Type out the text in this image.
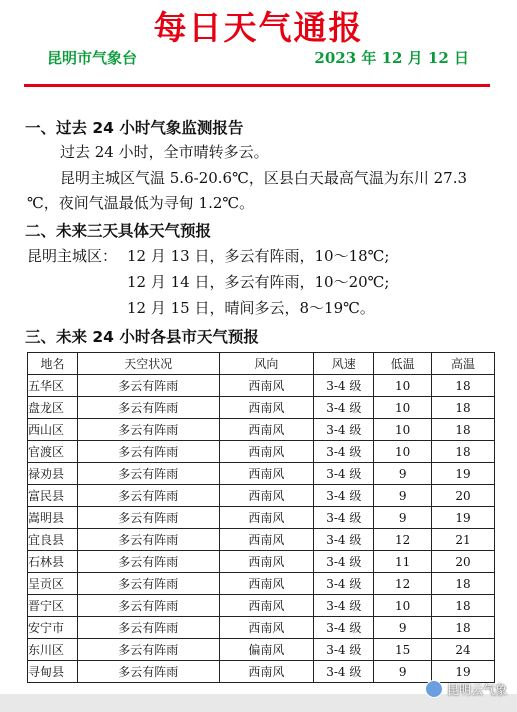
每日天气通报
昆明市气象台	2023 年 12 月 12 日
一、过去 24 小时气象监测报告
过去 24 小时，全市晴转多云。
昆明主城区气温 5.6-20.6℃，区县白天最高气温为东川 27.3
℃，夜间气温最低为寻甸 1.2℃。
二、未来三天具体天气预报
昆明主城区： 12 月 13 日，多云有阵雨，10～18℃;
12 月 14 日，多云有阵雨，10～20℃;
12 月 15 日，晴间多云，8～19℃。
三、未来 24 小时各县市天气预报
地名	天空状况	风向	风速	低温	高温
五华区	多云有阵雨	西南风	3-4 级	10	18
盘龙区	多云有阵雨	西南风	3-4 级	10	18
西山区	多云有阵雨	西南风	3-4 级	10	18
官渡区	多云有阵雨	西南风	3-4 级	10	18
禄劝县	多云有阵雨	西南风	3-4 级	9	19
富民县	多云有阵雨	西南风	3-4 级	9	20
嵩明县	多云有阵雨	西南风	3-4 级	9	19
宜良县	多云有阵雨	西南风	3-4 级	12	21
石林县	多云有阵雨	西南风	3-4 级	11	20
呈贡区	多云有阵雨	西南风	3-4 级	12	18
晋宁区	多云有阵雨	西南风	3-4 级	10	18
安宁市	多云有阵雨	西南风	3-4 级	9	18
东川区	多云有阵雨	偏南风	3-4 级	15	24
寻甸县	多云有阵雨	西南风	3-4 级	9	19
昆明云气象
